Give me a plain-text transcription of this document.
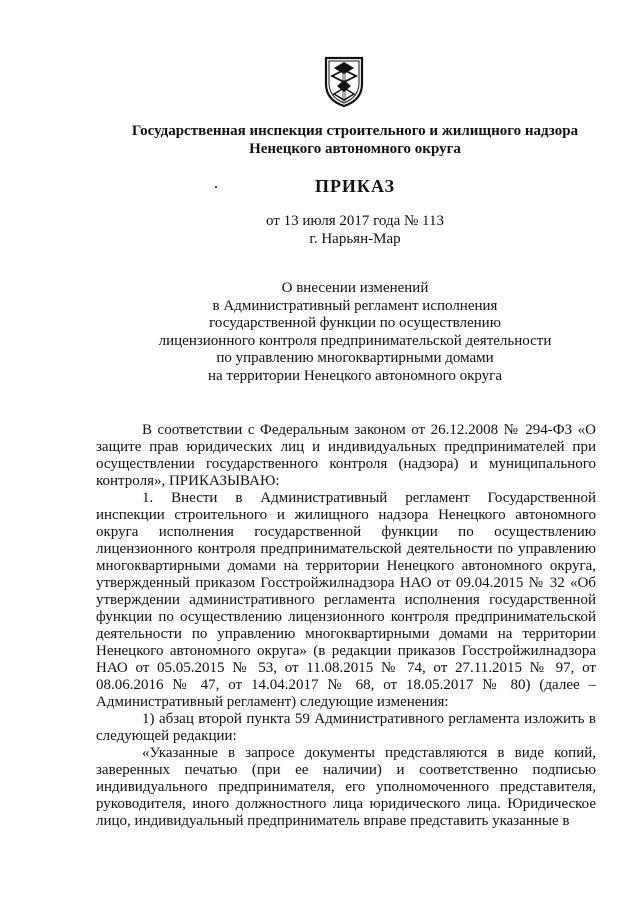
Государственная инспекция строительного и жилищного надзора
Ненецкого автономного округа
ПРИКАЗ
от 13 июля 2017 года № 113
г. Нарьян-Мар
О внесении изменений
в Административный регламент исполнения
государственной функции по осуществлению
лицензионного контроля предпринимательской деятельности
по управлению многоквартирными домами
на территории Ненецкого автономного округа

В соответствии с Федеральным законом от 26.12.2008 № 294-ФЗ «О защите прав юридических лиц и индивидуальных предпринимателей при осуществлении государственного контроля (надзора) и муниципального контроля», ПРИКАЗЫВАЮ:

1. Внести в Административный регламент Государственной инспекции строительного и жилищного надзора Ненецкого автономного округа исполнения государственной функции по осуществлению лицензионного контроля предпринимательской деятельности по управлению многоквартирными домами на территории Ненецкого автономного округа, утвержденный приказом Госстройжилнадзора НАО от 09.04.2015 № 32 «Об утверждении административного регламента исполнения государственной функции по осуществлению лицензионного контроля предпринимательской деятельности по управлению многоквартирными домами на территории Ненецкого автономного округа» (в редакции приказов Госстройжилнадзора НАО от 05.05.2015 № 53, от 11.08.2015 № 74, от 27.11.2015 № 97, от 08.06.2016 № 47, от 14.04.2017 № 68, от 18.05.2017 № 80) (далее – Административный регламент) следующие изменения:

1) абзац второй пункта 59 Административного регламента изложить в следующей редакции:

«Указанные в запросе документы представляются в виде копий, заверенных печатью (при ее наличии) и соответственно подписью индивидуального предпринимателя, его уполномоченного представителя, руководителя, иного должностного лица юридического лица. Юридическое лицо, индивидуальный предприниматель вправе представить указанные в
